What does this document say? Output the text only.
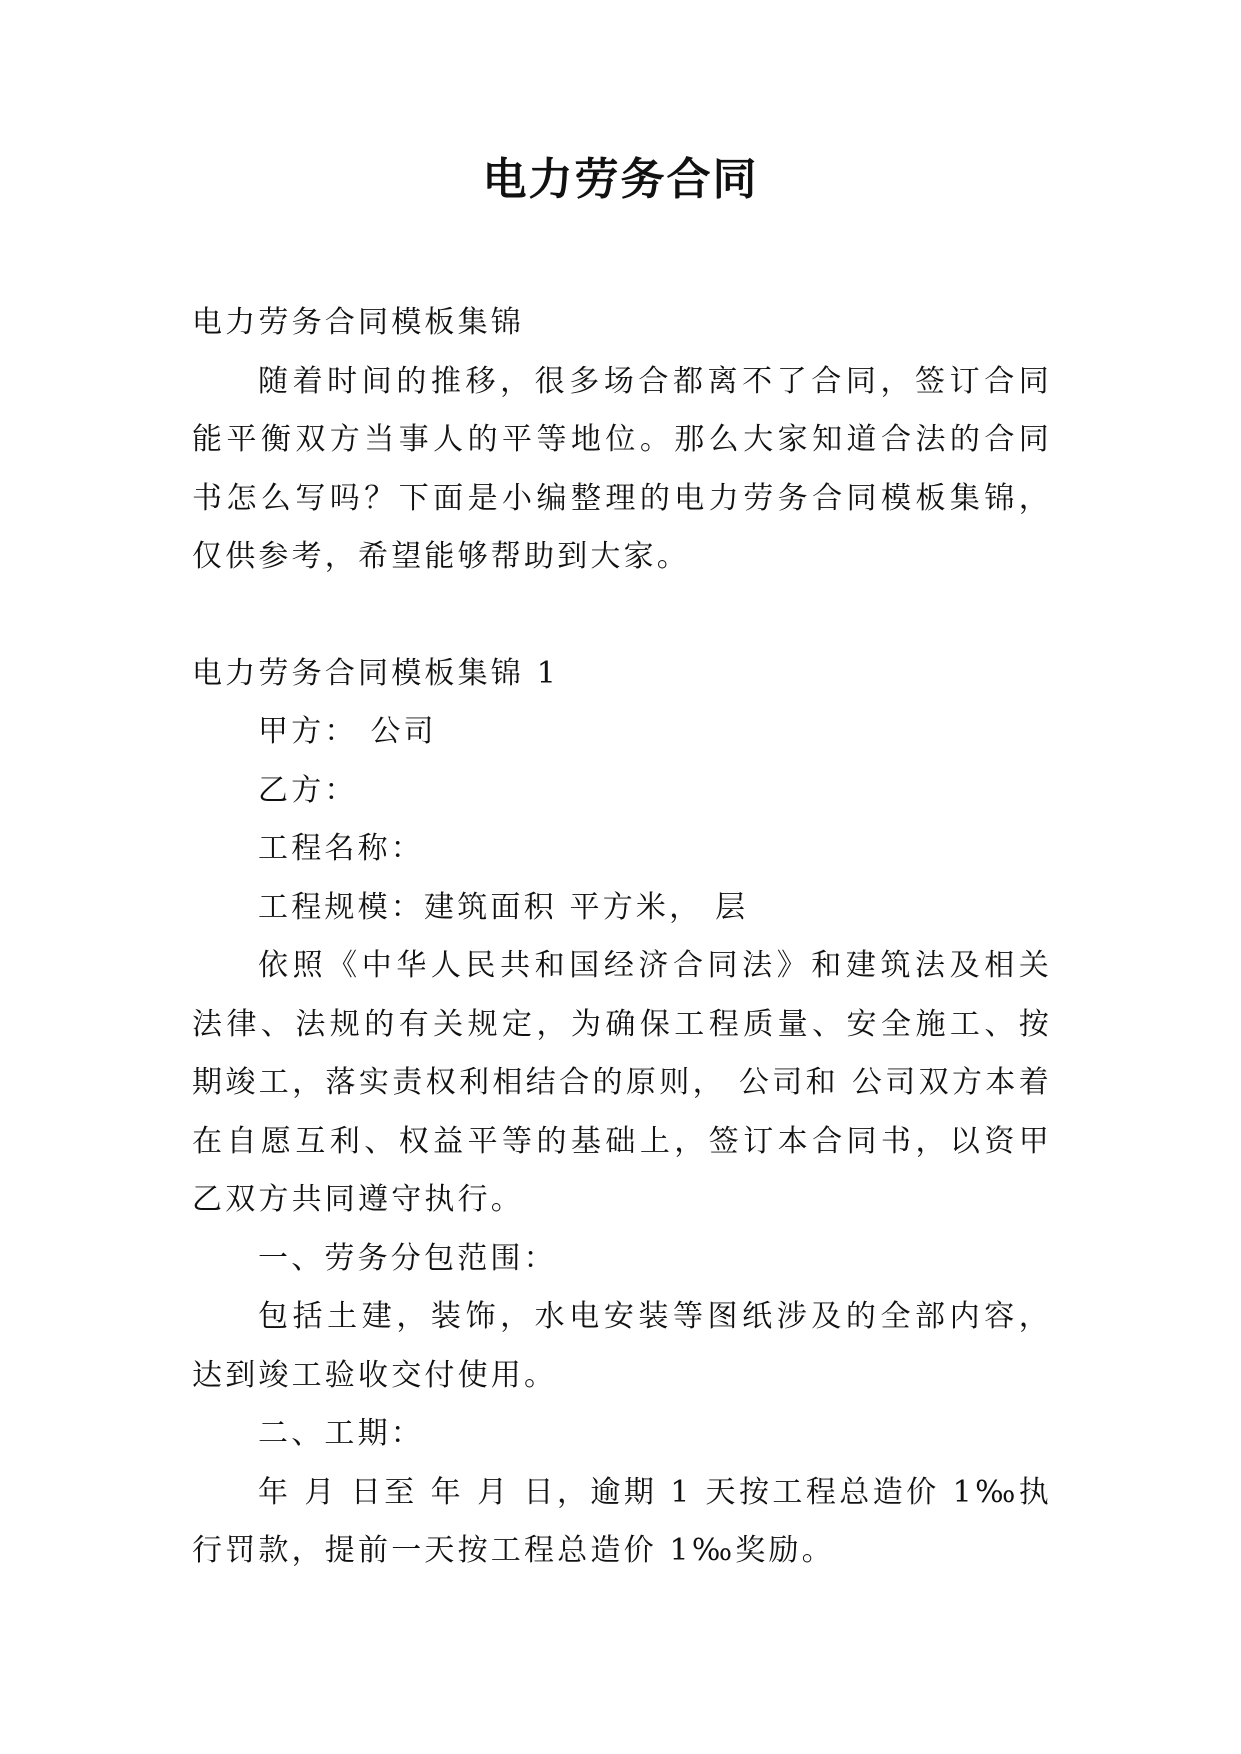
电力劳务合同

电力劳务合同模板集锦

随着时间的推移，很多场合都离不了合同，签订合同能平衡双方当事人的平等地位。那么大家知道合法的合同书怎么写吗？下面是小编整理的电力劳务合同模板集锦，仅供参考，希望能够帮助到大家。

电力劳务合同模板集锦 1

甲方： 公司

乙方：

工程名称：

工程规模：建筑面积 平方米， 层

依照《中华人民共和国经济合同法》和建筑法及相关法律、法规的有关规定，为确保工程质量、安全施工、按期竣工，落实责权利相结合的原则， 公司和 公司双方本着在自愿互利、权益平等的基础上，签订本合同书，以资甲乙双方共同遵守执行。

一、劳务分包范围：

包括土建，装饰，水电安装等图纸涉及的全部内容，达到竣工验收交付使用。

二、工期：

年 月 日至 年 月 日，逾期 1 天按工程总造价 1‰执行罚款，提前一天按工程总造价 1‰奖励。
